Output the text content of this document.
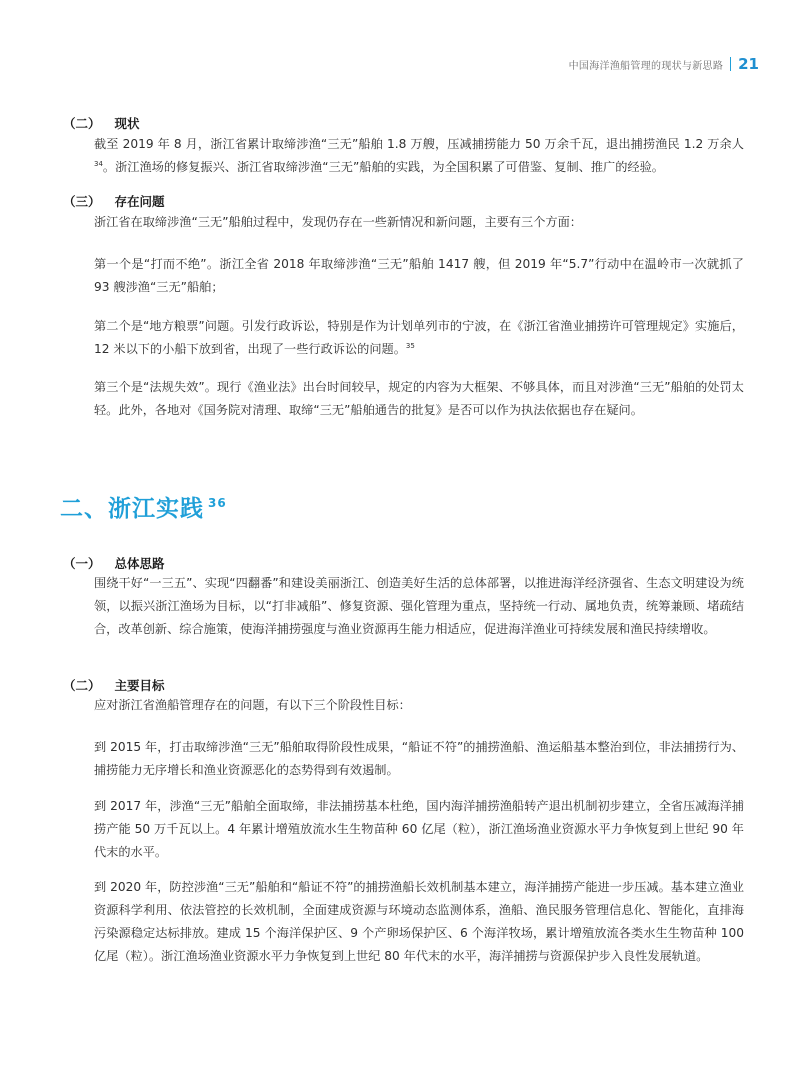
中国海洋渔船管理的现状与新思路 21
（二） 现状

截至 2019 年 8 月，浙江省累计取缔涉渔“三无”船舶 1.8 万艘，压减捕捞能力 50 万余千瓦，退出捕捞渔民 1.2 万余人$^{34}$。浙江渔场的修复振兴、浙江省取缔涉渔“三无”船舶的实践，为全国积累了可借鉴、复制、推广的经验。

（三） 存在问题

浙江省在取缔涉渔“三无”船舶过程中，发现仍存在一些新情况和新问题，主要有三个方面：

第一个是“打而不绝”。浙江全省 2018 年取缔涉渔“三无”船舶 1417 艘，但 2019 年“5.7”行动中在温岭市一次就抓了 93 艘涉渔“三无”船舶；

第二个是“地方粮票”问题。引发行政诉讼，特别是作为计划单列市的宁波，在《浙江省渔业捕捞许可管理规定》实施后，12 米以下的小船下放到省，出现了一些行政诉讼的问题。$^{35}$

第三个是“法规失效”。现行《渔业法》出台时间较早，规定的内容为大框架、不够具体，而且对涉渔“三无”船舶的处罚太轻。此外，各地对《国务院对清理、取缔“三无”船舶通告的批复》是否可以作为执法依据也存在疑问。

二、浙江实践 $^{36}$
（一） 总体思路

围绕干好“一三五”、实现“四翻番”和建设美丽浙江、创造美好生活的总体部署，以推进海洋经济强省、生态文明建设为统领，以振兴浙江渔场为目标，以“打非减船”、修复资源、强化管理为重点，坚持统一行动、属地负责，统筹兼顾、堵疏结合，改革创新、综合施策，使海洋捕捞强度与渔业资源再生能力相适应，促进海洋渔业可持续发展和渔民持续增收。

（二） 主要目标

应对浙江省渔船管理存在的问题，有以下三个阶段性目标：

到 2015 年，打击取缔涉渔“三无”船舶取得阶段性成果，“船证不符”的捕捞渔船、渔运船基本整治到位，非法捕捞行为、捕捞能力无序增长和渔业资源恶化的态势得到有效遏制。

到 2017 年，涉渔“三无”船舶全面取缔，非法捕捞基本杜绝，国内海洋捕捞渔船转产退出机制初步建立，全省压减海洋捕捞产能 50 万千瓦以上。4 年累计增殖放流水生生物苗种 60 亿尾（粒），浙江渔场渔业资源水平力争恢复到上世纪 90 年代末的水平。

到 2020 年，防控涉渔“三无”船舶和“船证不符”的捕捞渔船长效机制基本建立，海洋捕捞产能进一步压减。基本建立渔业资源科学利用、依法管控的长效机制，全面建成资源与环境动态监测体系，渔船、渔民服务管理信息化、智能化，直排海污染源稳定达标排放。建成 15 个海洋保护区、9 个产卵场保护区、6 个海洋牧场，累计增殖放流各类水生生物苗种 100 亿尾（粒）。浙江渔场渔业资源水平力争恢复到上世纪 80 年代末的水平，海洋捕捞与资源保护步入良性发展轨道。
